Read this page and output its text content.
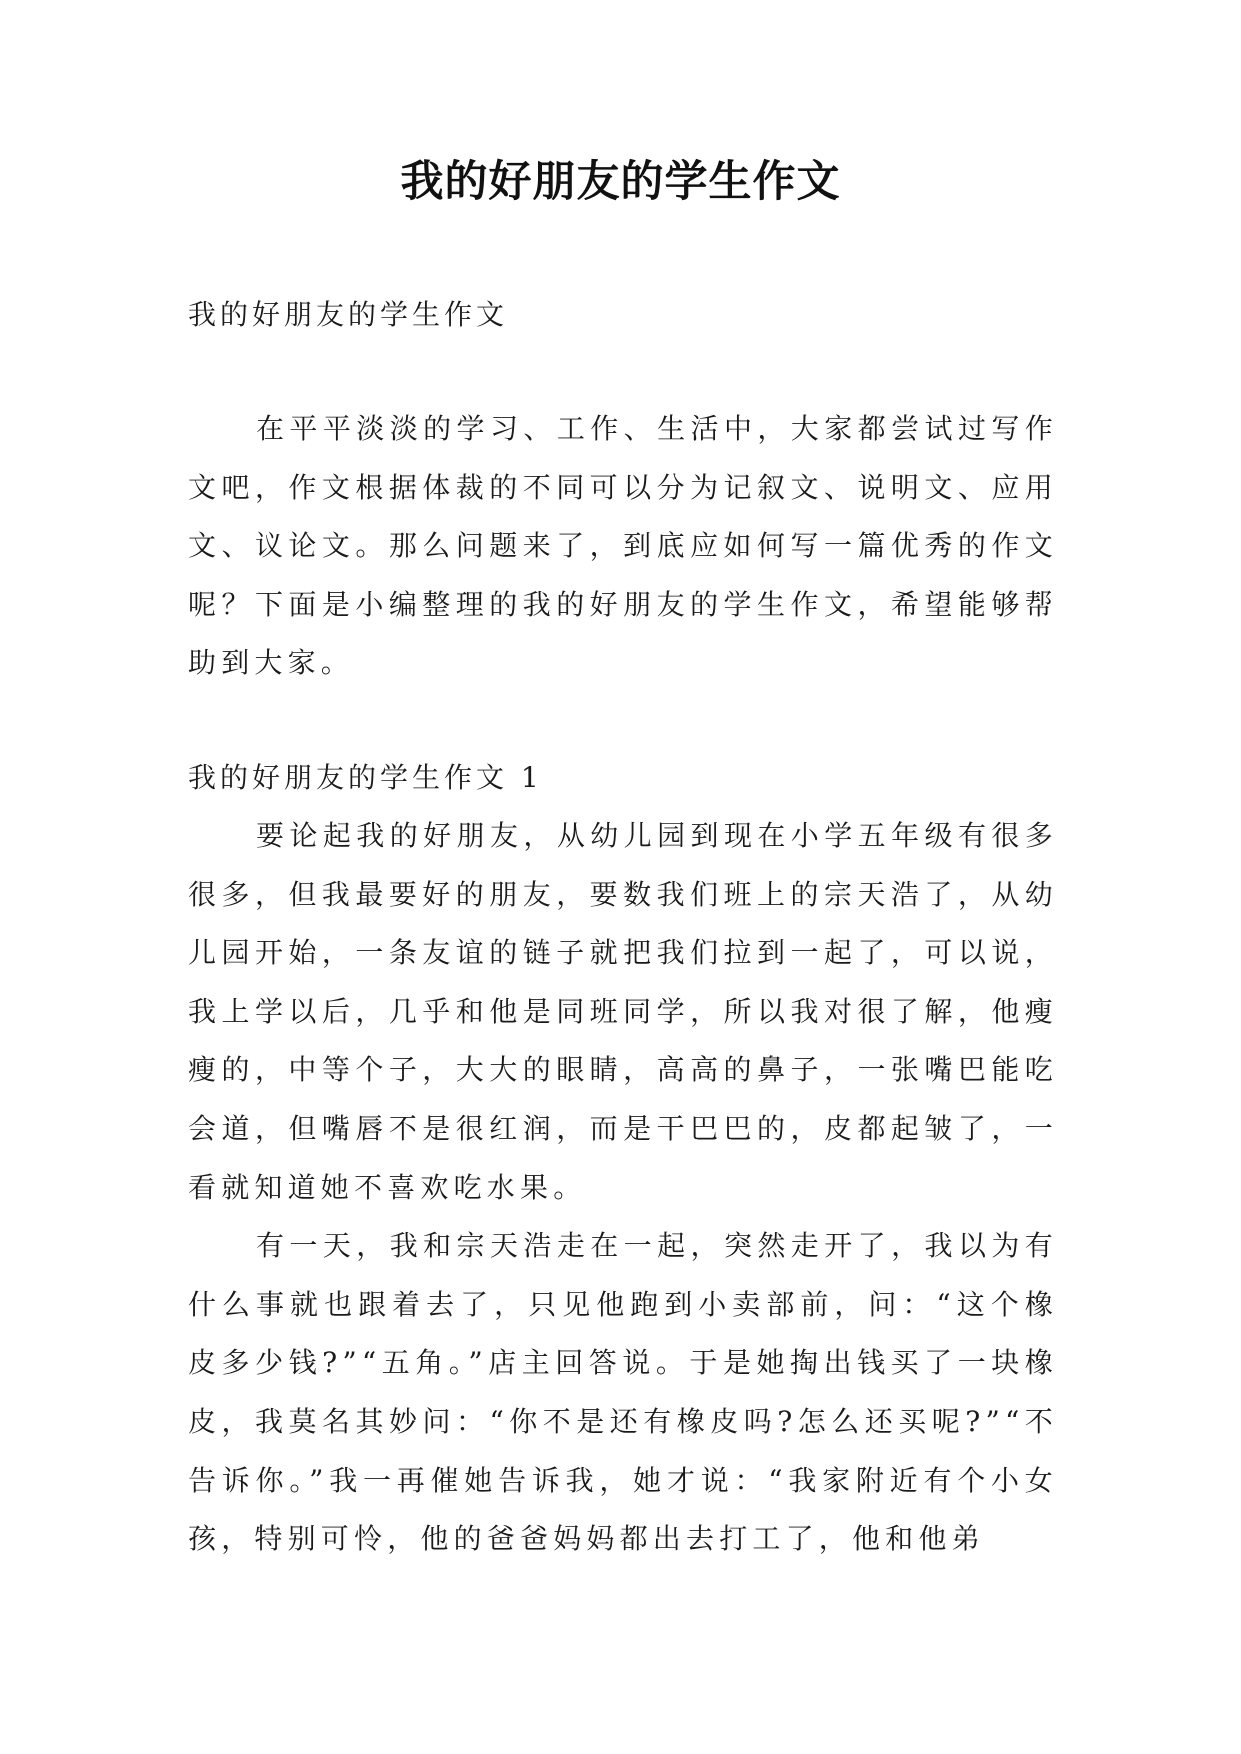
我的好朋友的学生作文

我的好朋友的学生作文

在平平淡淡的学习、工作、生活中，大家都尝试过写作文吧，作文根据体裁的不同可以分为记叙文、说明文、应用文、议论文。那么问题来了，到底应如何写一篇优秀的作文呢？下面是小编整理的我的好朋友的学生作文，希望能够帮助到大家。

我的好朋友的学生作文 1

要论起我的好朋友，从幼儿园到现在小学五年级有很多很多，但我最要好的朋友，要数我们班上的宗天浩了，从幼儿园开始，一条友谊的链子就把我们拉到一起了，可以说，我上学以后，几乎和他是同班同学，所以我对很了解，他瘦瘦的，中等个子，大大的眼睛，高高的鼻子，一张嘴巴能吃会道，但嘴唇不是很红润，而是干巴巴的，皮都起皱了，一看就知道她不喜欢吃水果。

有一天，我和宗天浩走在一起，突然走开了，我以为有什么事就也跟着去了，只见他跑到小卖部前，问：“这个橡皮多少钱?”“五角。”店主回答说。于是她掏出钱买了一块橡皮，我莫名其妙问：“你不是还有橡皮吗?怎么还买呢?”“不告诉你。”我一再催她告诉我，她才说：“我家附近有个小女孩，特别可怜，他的爸爸妈妈都出去打工了，他和他弟
